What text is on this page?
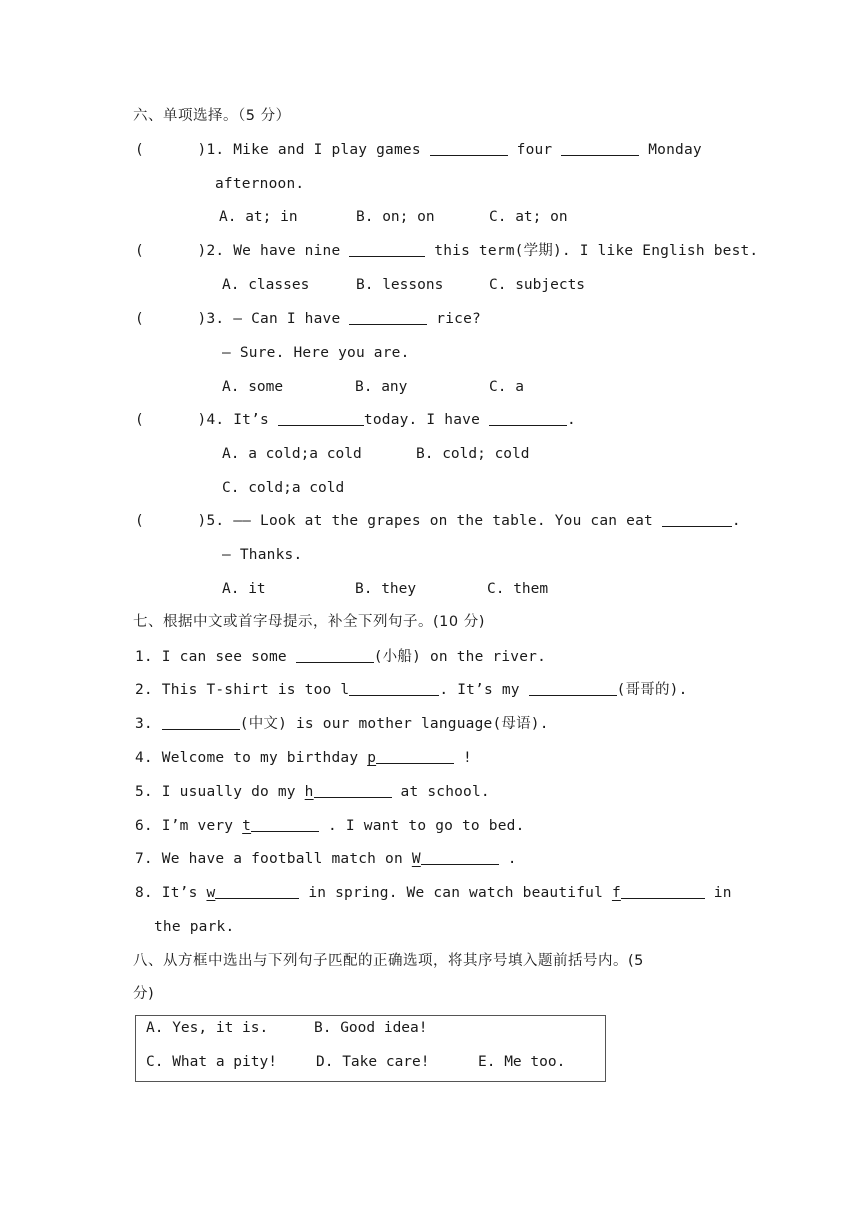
六、单项选择。（5 分）
(      )1. Mike and I play games	four	Monday
afternoon.
A. at; in	B. on; on	C. at; on
(      )2. We have nine	this term(学期). I like English best.
A. classes	B. lessons	C. subjects
(      )3. — Can I have	rice?
— Sure. Here you are.
A. some	B. any	C. a
(      )4. It’s	today. I have	.
A. a cold;a cold	B. cold; cold
C. cold;a cold
(      )5. —— Look at the grapes on the table. You can eat	.
— Thanks.
A. it	B. they	C. them
七、根据中文或首字母提示，补全下列句子。(10 分)
1. I can see some	(小船) on the river.
2. This T-shirt is too l	. It’s my	(哥哥的).
3.	(中文) is our mother language(母语).
4. Welcome to my birthday p	!
5. I usually do my h	at school.
6. I’m very t	. I want to go to bed.
7. We have a football match on W	.
8. It’s w	in spring. We can watch beautiful f	in
the park.
八、从方框中选出与下列句子匹配的正确选项，将其序号填入题前括号内。(5
分)
A. Yes, it is.	B. Good idea!
C. What a pity!	D. Take care!	E. Me too.
